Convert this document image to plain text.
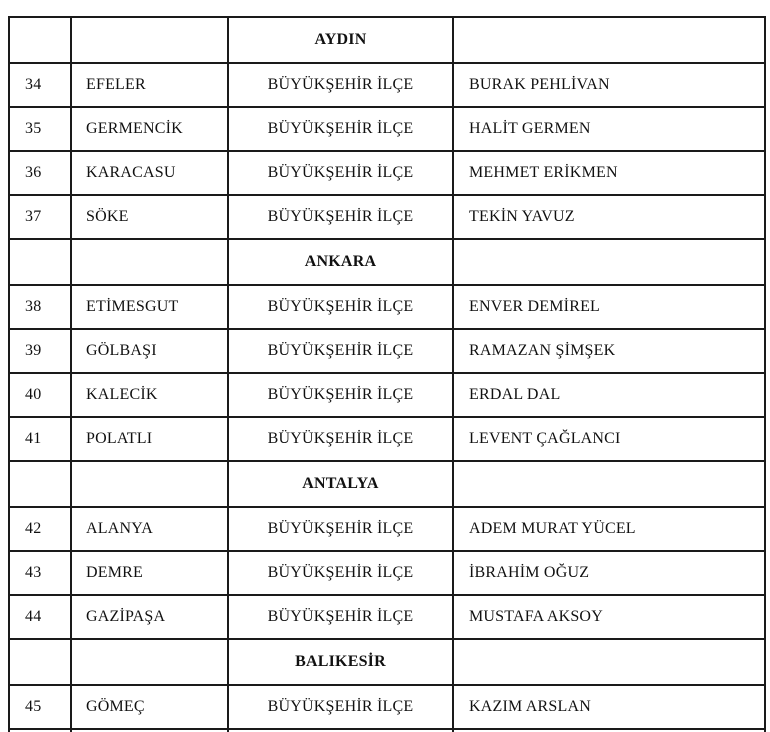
		AYDIN	
34	EFELER	BÜYÜKŞEHİR İLÇE	BURAK PEHLİVAN
35	GERMENCİK	BÜYÜKŞEHİR İLÇE	HALİT GERMEN
36	KARACASU	BÜYÜKŞEHİR İLÇE	MEHMET ERİKMEN
37	SÖKE	BÜYÜKŞEHİR İLÇE	TEKİN YAVUZ
		ANKARA	
38	ETİMESGUT	BÜYÜKŞEHİR İLÇE	ENVER DEMİREL
39	GÖLBAŞI	BÜYÜKŞEHİR İLÇE	RAMAZAN ŞİMŞEK
40	KALECİK	BÜYÜKŞEHİR İLÇE	ERDAL DAL
41	POLATLI	BÜYÜKŞEHİR İLÇE	LEVENT ÇAĞLANCI
		ANTALYA	
42	ALANYA	BÜYÜKŞEHİR İLÇE	ADEM MURAT YÜCEL
43	DEMRE	BÜYÜKŞEHİR İLÇE	İBRAHİM OĞUZ
44	GAZİPAŞA	BÜYÜKŞEHİR İLÇE	MUSTAFA AKSOY
		BALIKESİR	
45	GÖMEÇ	BÜYÜKŞEHİR İLÇE	KAZIM ARSLAN
